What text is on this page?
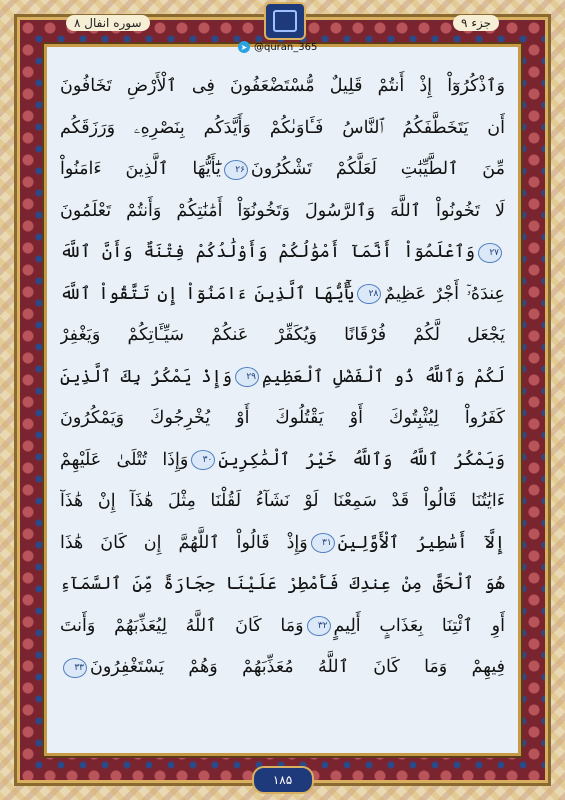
سوره انفال ۸	جزء ۹
➤ @quran_365
وَٱذْكُرُوٓاْ إِذْ أَنتُمْ قَلِيلٌ مُّسْتَضْعَفُونَ فِى ٱلْأَرْضِ تَخَافُونَ
أَن يَتَخَطَّفَكُمُ ٱلنَّاسُ فَـَٔاوَىٰكُمْ وَأَيَّدَكُم بِنَصْرِهِۦ وَرَزَقَكُم
مِّنَ ٱلطَّيِّبَٰتِ لَعَلَّكُمْ تَشْكُرُونَ۲۶يَٰٓأَيُّهَا ٱلَّذِينَ ءَامَنُواْ
لَا تَخُونُواْ ٱللَّهَ وَٱلرَّسُولَ وَتَخُونُوٓاْ أَمَٰنَٰتِكُمْ وَأَنتُمْ تَعْلَمُونَ
۲۷وَٱعْلَمُوٓاْ أَنَّمَآ أَمْوَٰلُكُمْ وَأَوْلَٰدُكُمْ فِتْنَةٌ وَأَنَّ ٱللَّهَ
عِندَهُۥٓ أَجْرٌ عَظِيمٌ۲۸يَٰٓأَيُّهَا ٱلَّذِينَ ءَامَنُوٓاْ إِن تَتَّقُواْ ٱللَّهَ
يَجْعَل لَّكُمْ فُرْقَانًا وَيُكَفِّرْ عَنكُمْ سَيِّـَٔاتِكُمْ وَيَغْفِرْ
لَكُمْ وَٱللَّهُ ذُو ٱلْفَضْلِ ٱلْعَظِيمِ۲۹وَإِذْ يَمْكُرُ بِكَ ٱلَّذِينَ
كَفَرُواْ لِيُثْبِتُوكَ أَوْ يَقْتُلُوكَ أَوْ يُخْرِجُوكَ وَيَمْكُرُونَ
وَيَمْكُرُ ٱللَّهُ وَٱللَّهُ خَيْرُ ٱلْمَٰكِرِينَ۳۰وَإِذَا تُتْلَىٰ عَلَيْهِمْ
ءَايَٰتُنَا قَالُواْ قَدْ سَمِعْنَا لَوْ نَشَآءُ لَقُلْنَا مِثْلَ هَٰذَآ إِنْ هَٰذَآ
إِلَّآ أَسَٰطِيرُ ٱلْأَوَّلِينَ۳۱وَإِذْ قَالُواْ ٱللَّهُمَّ إِن كَانَ هَٰذَا
هُوَ ٱلْحَقَّ مِنْ عِندِكَ فَأَمْطِرْ عَلَيْنَا حِجَارَةً مِّنَ ٱلسَّمَآءِ
أَوِ ٱئْتِنَا بِعَذَابٍ أَلِيمٍ۳۲وَمَا كَانَ ٱللَّهُ لِيُعَذِّبَهُمْ وَأَنتَ
فِيهِمْ وَمَا كَانَ ٱللَّهُ مُعَذِّبَهُمْ وَهُمْ يَسْتَغْفِرُونَ۳۳
۱۸۵
